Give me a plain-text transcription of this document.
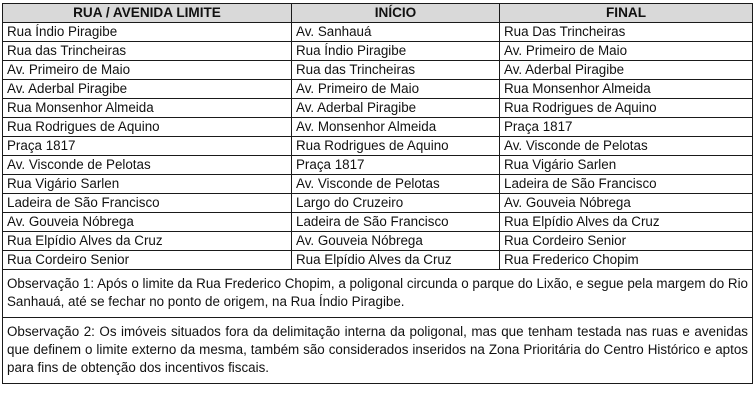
RUA / AVENIDA LIMITE	INÍCIO	FINAL
Rua Índio Piragibe	Av. Sanhauá	Rua Das Trincheiras
Rua das Trincheiras	Rua Índio Piragibe	Av. Primeiro de Maio
Av. Primeiro de Maio	Rua das Trincheiras	Av. Aderbal Piragibe
Av. Aderbal Piragibe	Av. Primeiro de Maio	Rua Monsenhor Almeida
Rua Monsenhor Almeida	Av. Aderbal Piragibe	Rua Rodrigues de Aquino
Rua Rodrigues de Aquino	Av. Monsenhor Almeida	Praça 1817
Praça 1817	Rua Rodrigues de Aquino	Av. Visconde de Pelotas
Av. Visconde de Pelotas	Praça 1817	Rua Vigário Sarlen
Rua Vigário Sarlen	Av. Visconde de Pelotas	Ladeira de São Francisco
Ladeira de São Francisco	Largo do Cruzeiro	Av. Gouveia Nóbrega
Av. Gouveia Nóbrega	Ladeira de São Francisco	Rua Elpídio Alves da Cruz
Rua Elpídio Alves da Cruz	Av. Gouveia Nóbrega	Rua Cordeiro Senior
Rua Cordeiro Senior	Rua Elpídio Alves da Cruz	Rua Frederico Chopim
Observação 1: Após o limite da Rua Frederico Chopim, a poligonal circunda o parque do Lixão, e segue pela margem do Rio Sanhauá, até se fechar no ponto de origem, na Rua Índio Piragibe.		
Observação 2: Os imóveis situados fora da delimitação interna da poligonal, mas que tenham testada nas ruas e avenidas que definem o limite externo da mesma, também são considerados inseridos na Zona Prioritária do Centro Histórico e aptos para fins de obtenção dos incentivos fiscais.		
